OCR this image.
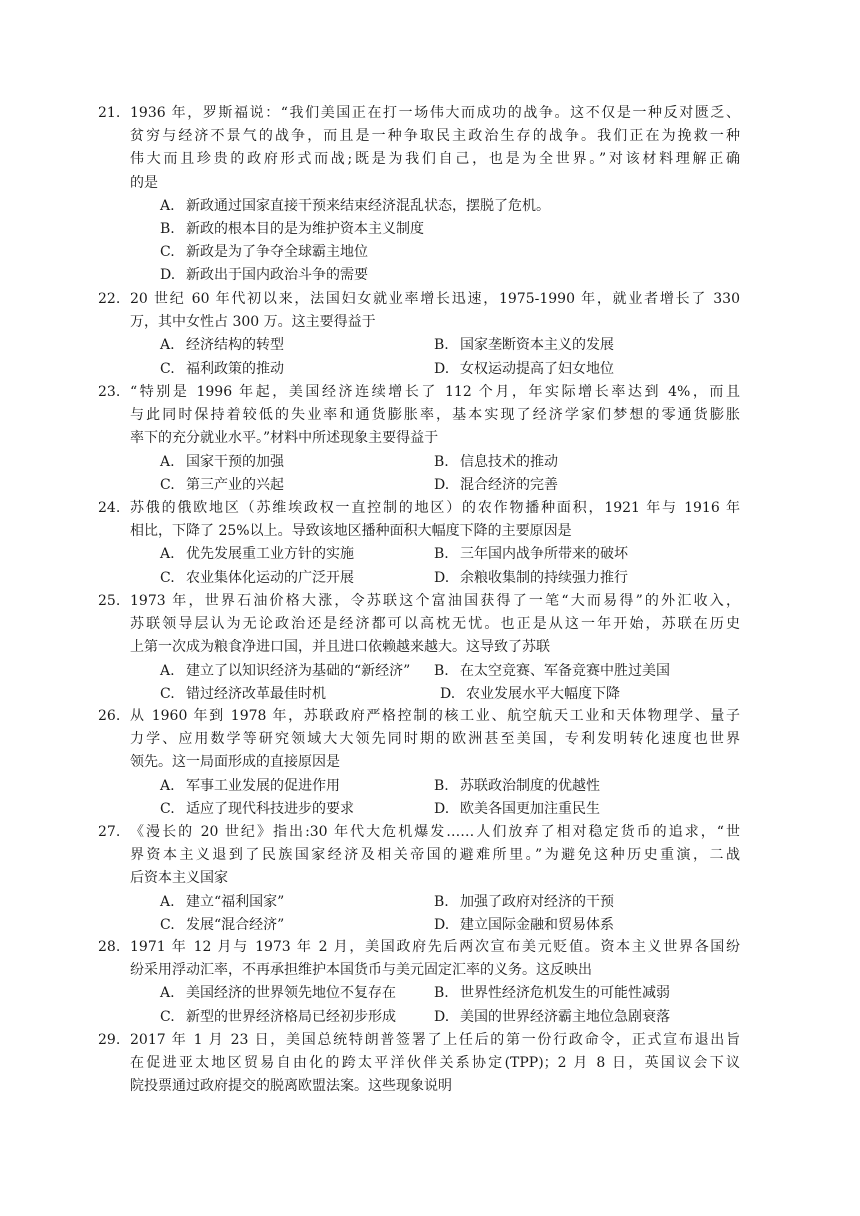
21. 1936 年，罗斯福说：“我们美国正在打一场伟大而成功的战争。这不仅是一种反对匮乏、
贫穷与经济不景气的战争，而且是一种争取民主政治生存的战争。我们正在为挽救一种
伟大而且珍贵的政府形式而战;既是为我们自己，也是为全世界。”对该材料理解正确
的是
A. 新政通过国家直接干预来结束经济混乱状态，摆脱了危机。
B. 新政的根本目的是为维护资本主义制度
C. 新政是为了争夺全球霸主地位
D. 新政出于国内政治斗争的需要
22. 20 世纪 60 年代初以来，法国妇女就业率增长迅速，1975-1990 年，就业者增长了 330
万，其中女性占 300 万。这主要得益于
A. 经济结构的转型	B. 国家垄断资本主义的发展
C. 福利政策的推动	D. 女权运动提高了妇女地位
23. “特别是 1996 年起，美国经济连续增长了 112 个月，年实际增长率达到 4%，而且
与此同时保持着较低的失业率和通货膨胀率，基本实现了经济学家们梦想的零通货膨胀
率下的充分就业水平。”材料中所述现象主要得益于
A. 国家干预的加强	B. 信息技术的推动
C. 第三产业的兴起	D. 混合经济的完善
24. 苏俄的俄欧地区（苏维埃政权一直控制的地区）的农作物播种面积，1921 年与 1916 年
相比，下降了 25%以上。导致该地区播种面积大幅度下降的主要原因是
A. 优先发展重工业方针的实施	B. 三年国内战争所带来的破坏
C. 农业集体化运动的广泛开展	D. 余粮收集制的持续强力推行
25. 1973 年，世界石油价格大涨，令苏联这个富油国获得了一笔“大而易得”的外汇收入，
苏联领导层认为无论政治还是经济都可以高枕无忧。也正是从这一年开始，苏联在历史
上第一次成为粮食净进口国，并且进口依赖越来越大。这导致了苏联
A. 建立了以知识经济为基础的“新经济” B. 在太空竞赛、军备竞赛中胜过美国
C. 错过经济改革最佳时机	D. 农业发展水平大幅度下降
26. 从 1960 年到 1978 年，苏联政府严格控制的核工业、航空航天工业和天体物理学、量子
力学、应用数学等研究领域大大领先同时期的欧洲甚至美国，专利发明转化速度也世界
领先。这一局面形成的直接原因是
A. 军事工业发展的促进作用	B. 苏联政治制度的优越性
C. 适应了现代科技进步的要求	D. 欧美各国更加注重民生
27. 《漫长的 20 世纪》指出:30 年代大危机爆发……人们放弃了相对稳定货币的追求，“世
界资本主义退到了民族国家经济及相关帝国的避难所里。”为避免这种历史重演，二战
后资本主义国家
A. 建立“福利国家”	B. 加强了政府对经济的干预
C. 发展“混合经济”	D. 建立国际金融和贸易体系
28. 1971 年 12 月与 1973 年 2 月，美国政府先后两次宣布美元贬值。资本主义世界各国纷
纷采用浮动汇率，不再承担维护本国货币与美元固定汇率的义务。这反映出
A. 美国经济的世界领先地位不复存在	B. 世界性经济危机发生的可能性减弱
C. 新型的世界经济格局已经初步形成	D. 美国的世界经济霸主地位急剧衰落
29. 2017 年 1 月 23 日，美国总统特朗普签署了上任后的第一份行政命令，正式宣布退出旨
在促进亚太地区贸易自由化的跨太平洋伙伴关系协定(TPP)；2 月 8 日，英国议会下议
院投票通过政府提交的脱离欧盟法案。这些现象说明
